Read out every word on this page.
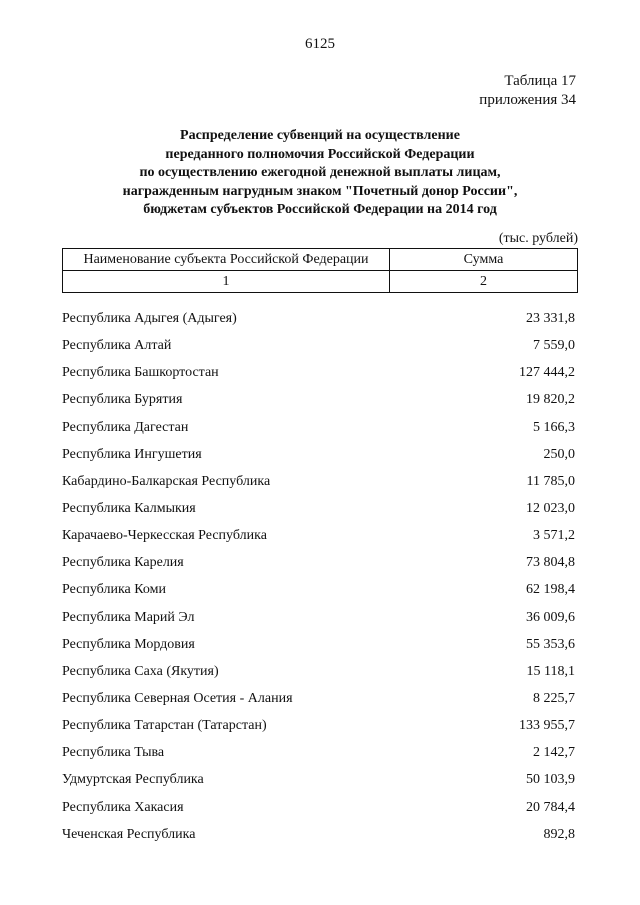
6125
Таблица 17
приложения 34
Распределение субвенций на осуществление
переданного полномочия Российской Федерации
по осуществлению ежегодной денежной выплаты лицам,
награжденным нагрудным знаком "Почетный донор России",
бюджетам субъектов Российской Федерации на 2014 год
(тыс. рублей)
Наименование субъекта Российской Федерации	Сумма
1	2
Республика Адыгея (Адыгея)	23 331,8
Республика Алтай	7 559,0
Республика Башкортостан	127 444,2
Республика Бурятия	19 820,2
Республика Дагестан	5 166,3
Республика Ингушетия	250,0
Кабардино-Балкарская Республика	11 785,0
Республика Калмыкия	12 023,0
Карачаево-Черкесская Республика	3 571,2
Республика Карелия	73 804,8
Республика Коми	62 198,4
Республика Марий Эл	36 009,6
Республика Мордовия	55 353,6
Республика Саха (Якутия)	15 118,1
Республика Северная Осетия - Алания	8 225,7
Республика Татарстан (Татарстан)	133 955,7
Республика Тыва	2 142,7
Удмуртская Республика	50 103,9
Республика Хакасия	20 784,4
Чеченская Республика	892,8
